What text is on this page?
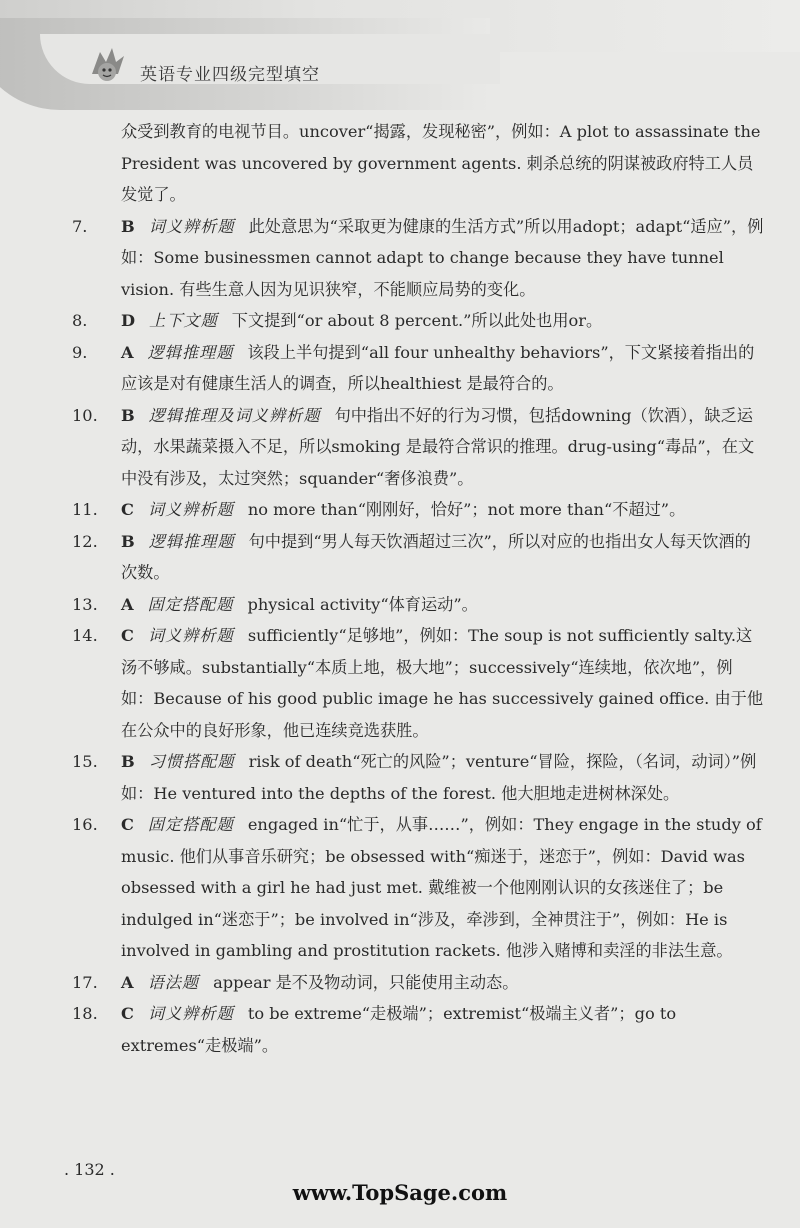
英语专业四级完型填空

众受到教育的电视节目。uncover“揭露，发现秘密”，例如：A plot to assassinate the President was uncovered by government agents. 刺杀总统的阴谋被政府特工人员发觉了。

7. B 词义辨析题 此处意思为“采取更为健康的生活方式”所以用adopt；adapt“适应”，例如：Some businessmen cannot adapt to change because they have tunnel vision. 有些生意人因为见识狭窄，不能顺应局势的变化。

8. D 上下文题 下文提到“or about 8 percent.”所以此处也用or。

9. A 逻辑推理题 该段上半句提到“all four unhealthy behaviors”，下文紧接着指出的应该是对有健康生活人的调查，所以healthiest 是最符合的。

10. B 逻辑推理及词义辨析题 句中指出不好的行为习惯，包括downing（饮酒），缺乏运动，水果蔬菜摄入不足，所以smoking 是最符合常识的推理。drug-using“毒品”，在文中没有涉及，太过突然；squander“奢侈浪费”。

11. C 词义辨析题 no more than“刚刚好，恰好”；not more than“不超过”。

12. B 逻辑推理题 句中提到“男人每天饮酒超过三次”，所以对应的也指出女人每天饮酒的次数。

13. A 固定搭配题 physical activity“体育运动”。

14. C 词义辨析题 sufficiently“足够地”，例如：The soup is not sufficiently salty.这汤不够咸。substantially“本质上地，极大地”；successively“连续地，依次地”，例如：Because of his good public image he has successively gained office. 由于他在公众中的良好形象，他已连续竞选获胜。

15. B 习惯搭配题 risk of death“死亡的风险”；venture“冒险，探险，（名词，动词）”例如：He ventured into the depths of the forest. 他大胆地走进树林深处。

16. C 固定搭配题 engaged in“忙于，从事……”，例如：They engage in the study of music. 他们从事音乐研究；be obsessed with“痴迷于，迷恋于”，例如：David was obsessed with a girl he had just met. 戴维被一个他刚刚认识的女孩迷住了；be indulged in“迷恋于”；be involved in“涉及，牵涉到，全神贯注于”，例如：He is involved in gambling and prostitution rackets. 他涉入赌博和卖淫的非法生意。

17. A 语法题 appear 是不及物动词，只能使用主动态。

18. C 词义辨析题 to be extreme“走极端”；extremist“极端主义者”；go to extremes“走极端”。

. 132 .
www.TopSage.com
